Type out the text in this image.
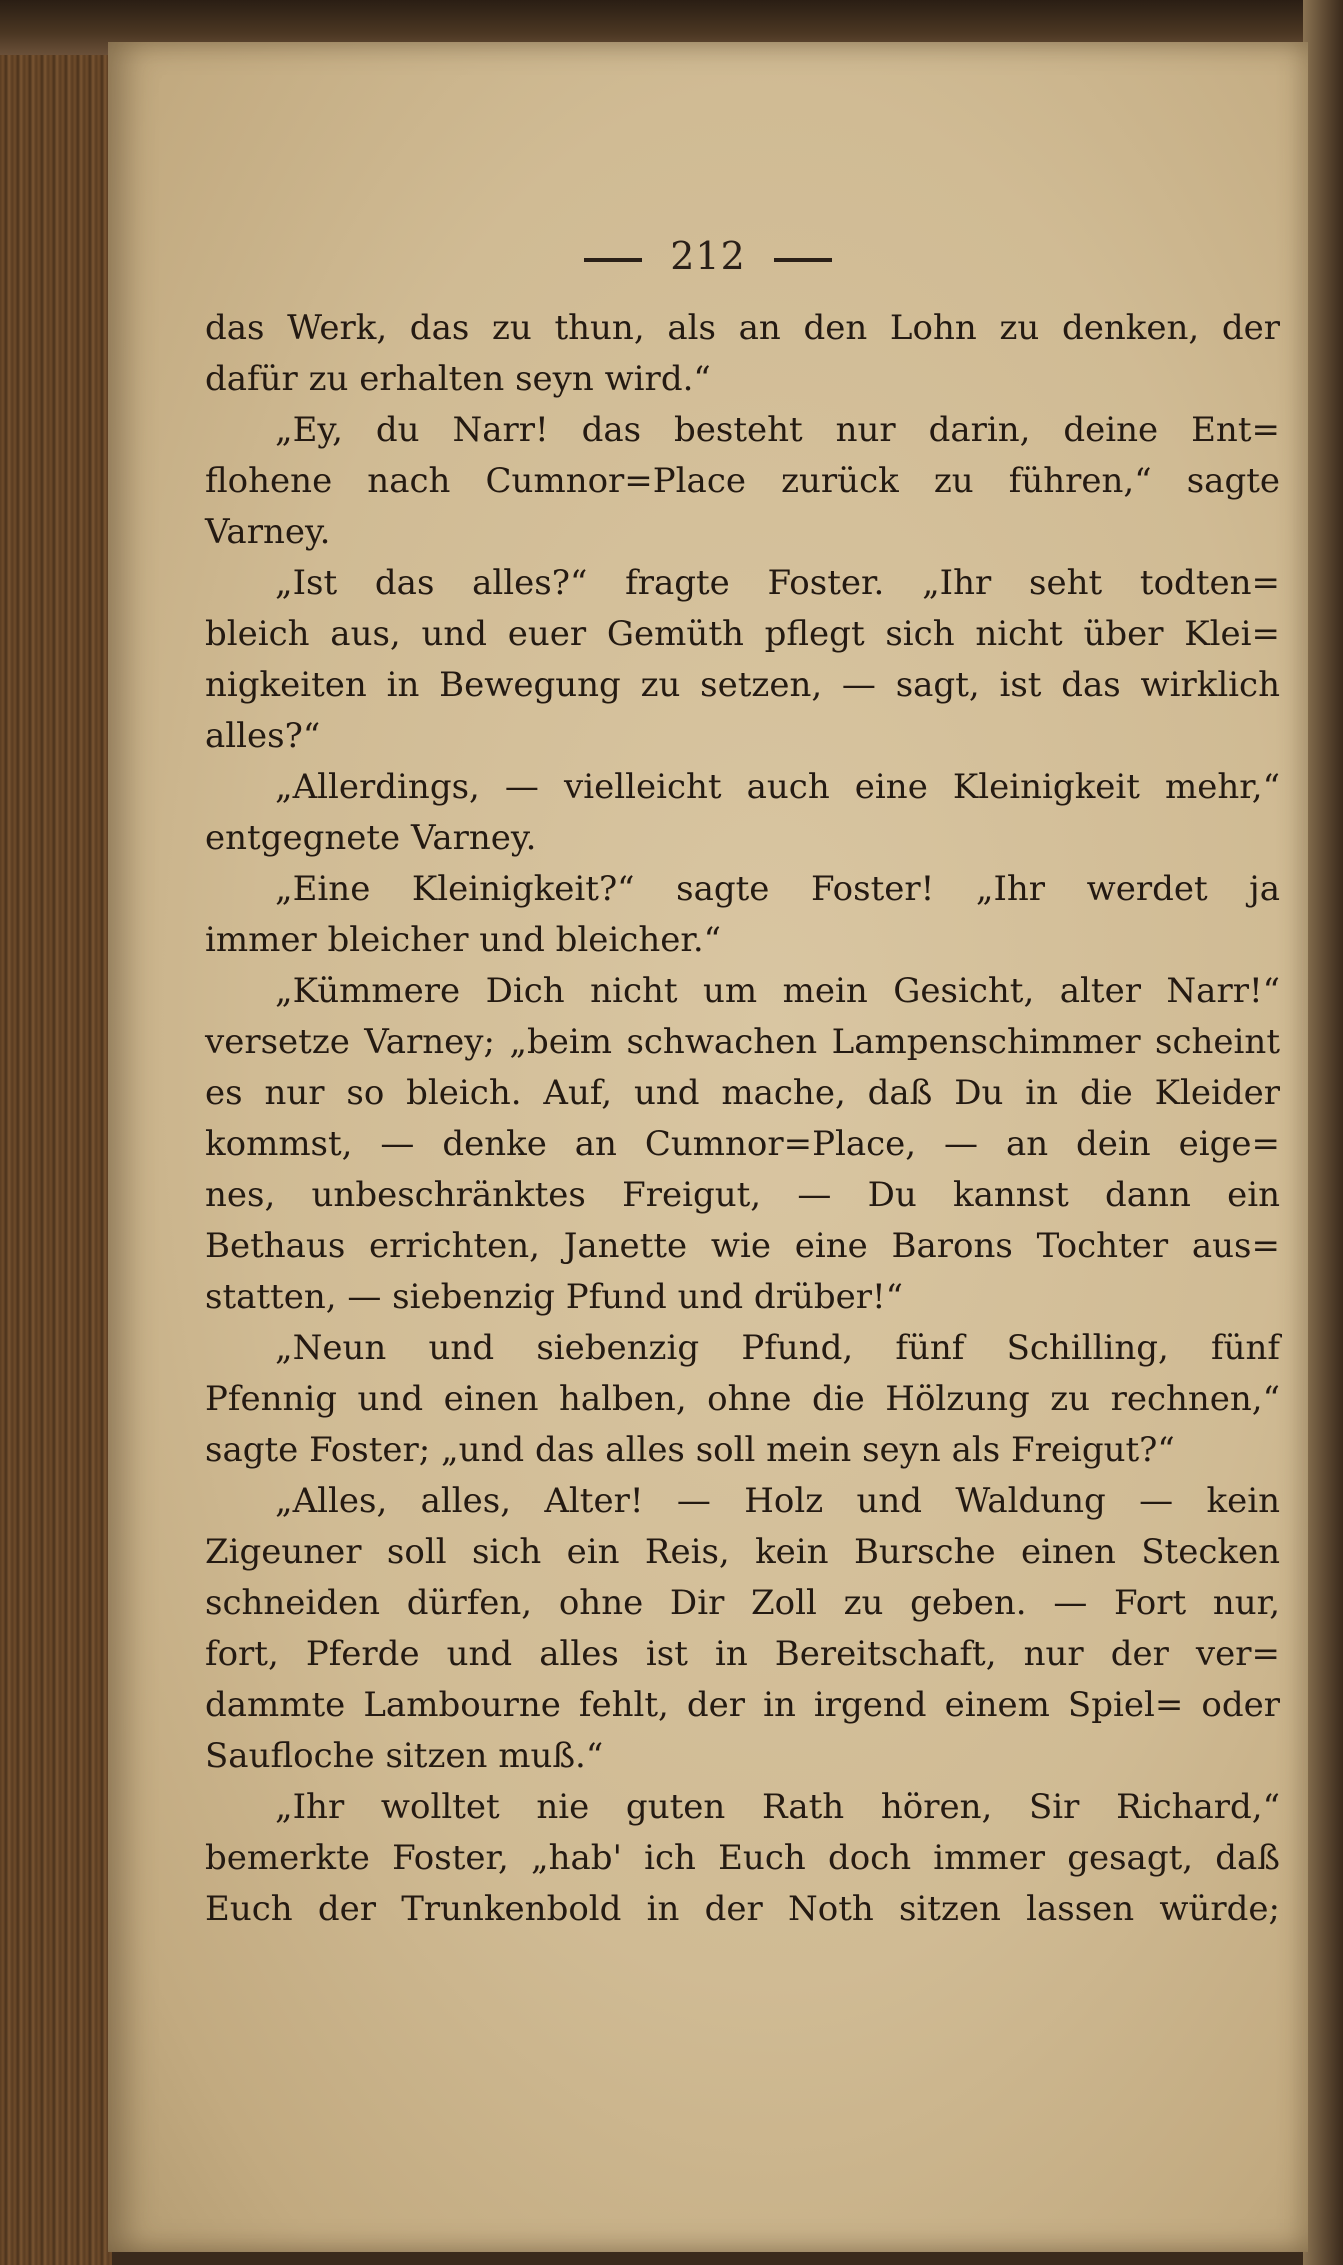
212
das Werk, das zu thun, als an den Lohn zu denken, der
dafür zu erhalten seyn wird.“
„Ey, du Narr! das besteht nur darin, deine Ent=
flohene nach Cumnor=Place zurück zu führen,“ sagte
Varney.
„Ist das alles?“ fragte Foster. „Ihr seht todten=
bleich aus, und euer Gemüth pflegt sich nicht über Klei=
nigkeiten in Bewegung zu setzen, — sagt, ist das wirklich
alles?“
„Allerdings, — vielleicht auch eine Kleinigkeit mehr,“
entgegnete Varney.
„Eine Kleinigkeit?“ sagte Foster! „Ihr werdet ja
immer bleicher und bleicher.“
„Kümmere Dich nicht um mein Gesicht, alter Narr!“
versetze Varney; „beim schwachen Lampenschimmer scheint
es nur so bleich. Auf, und mache, daß Du in die Kleider
kommst, — denke an Cumnor=Place, — an dein eige=
nes, unbeschränktes Freigut, — Du kannst dann ein
Bethaus errichten, Janette wie eine Barons Tochter aus=
statten, — siebenzig Pfund und drüber!“
„Neun und siebenzig Pfund, fünf Schilling, fünf
Pfennig und einen halben, ohne die Hölzung zu rechnen,“
sagte Foster; „und das alles soll mein seyn als Freigut?“
„Alles, alles, Alter! — Holz und Waldung — kein
Zigeuner soll sich ein Reis, kein Bursche einen Stecken
schneiden dürfen, ohne Dir Zoll zu geben. — Fort nur,
fort, Pferde und alles ist in Bereitschaft, nur der ver=
dammte Lambourne fehlt, der in irgend einem Spiel= oder
Saufloche sitzen muß.“
„Ihr wolltet nie guten Rath hören, Sir Richard,“
bemerkte Foster, „hab' ich Euch doch immer gesagt, daß
Euch der Trunkenbold in der Noth sitzen lassen würde;
